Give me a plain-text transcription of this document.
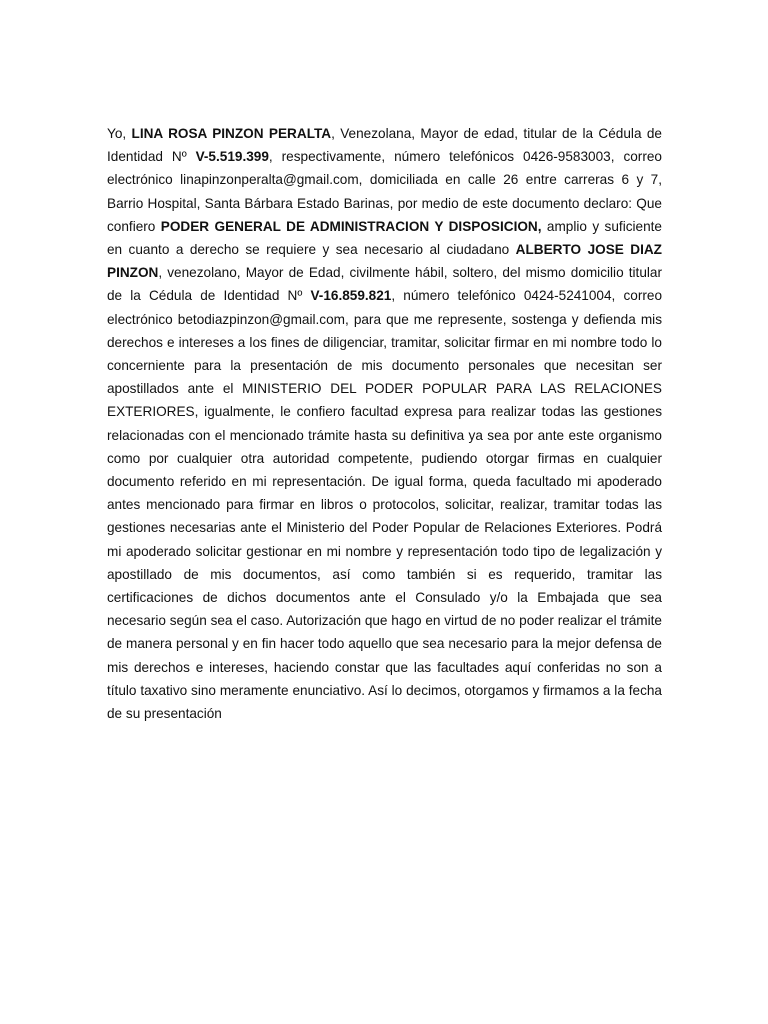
Yo, LINA ROSA PINZON PERALTA, Venezolana, Mayor de edad, titular de la Cédula de Identidad Nº V-5.519.399, respectivamente, número telefónicos 0426-9583003, correo electrónico linapinzonperalta@gmail.com, domiciliada en calle 26 entre carreras 6 y 7, Barrio Hospital, Santa Bárbara Estado Barinas, por medio de este documento declaro: Que confiero PODER GENERAL DE ADMINISTRACION Y DISPOSICION, amplio y suficiente en cuanto a derecho se requiere y sea necesario al ciudadano ALBERTO JOSE DIAZ PINZON, venezolano, Mayor de Edad, civilmente hábil, soltero, del mismo domicilio titular de la Cédula de Identidad Nº V-16.859.821, número telefónico 0424-5241004, correo electrónico betodiazpinzon@gmail.com, para que me represente, sostenga y defienda mis derechos e intereses a los fines de diligenciar, tramitar, solicitar firmar en mi nombre todo lo concerniente para la presentación de mis documento personales que necesitan ser apostillados ante el MINISTERIO DEL PODER POPULAR PARA LAS RELACIONES EXTERIORES, igualmente, le confiero facultad expresa para realizar todas las gestiones relacionadas con el mencionado trámite hasta su definitiva ya sea por ante este organismo como por cualquier otra autoridad competente, pudiendo otorgar firmas en cualquier documento referido en mi representación. De igual forma, queda facultado mi apoderado antes mencionado para firmar en libros o protocolos, solicitar, realizar, tramitar todas las gestiones necesarias ante el Ministerio del Poder Popular de Relaciones Exteriores. Podrá mi apoderado solicitar gestionar en mi nombre y representación todo tipo de legalización y apostillado de mis documentos, así como también si es requerido, tramitar las certificaciones de dichos documentos ante el Consulado y/o la Embajada que sea necesario según sea el caso. Autorización que hago en virtud de no poder realizar el trámite de manera personal y en fin hacer todo aquello que sea necesario para la mejor defensa de mis derechos e intereses, haciendo constar que las facultades aquí conferidas no son a título taxativo sino meramente enunciativo. Así lo decimos, otorgamos y firmamos a la fecha de su presentación
